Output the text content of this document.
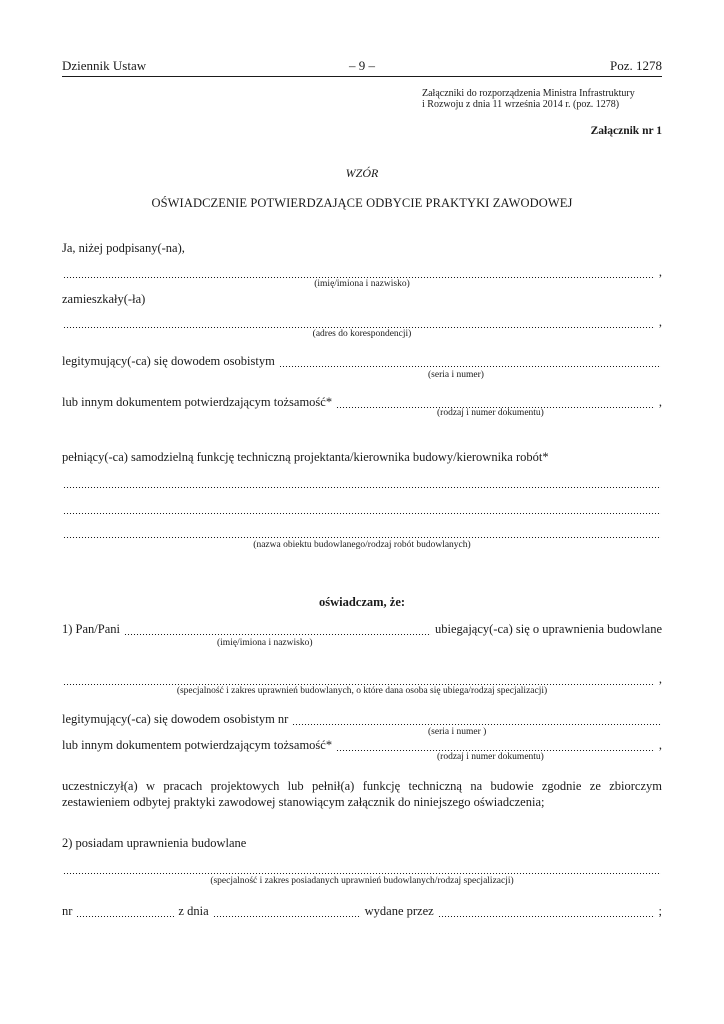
Dziennik Ustaw	– 9 –	Poz. 1278
Załączniki do rozporządzenia Ministra Infrastruktury
i Rozwoju z dnia 11 września 2014 r. (poz. 1278)
Załącznik nr 1
WZÓR
OŚWIADCZENIE POTWIERDZAJĄCE ODBYCIE PRAKTYKI ZAWODOWEJ
Ja, niżej podpisany(-na),
,
(imię/imiona i nazwisko)
zamieszkały(-ła)
,
(adres do korespondencji)
legitymujący(-ca) się dowodem osobistym
(seria i numer)
lub innym dokumentem potwierdzającym tożsamość*	,
(rodzaj i numer dokumentu)
pełniący(-ca) samodzielną funkcję techniczną projektanta/kierownika budowy/kierownika robót*
(nazwa obiektu budowlanego/rodzaj robót budowlanych)
oświadczam, że:
1) Pan/Pani	ubiegający(-ca) się o uprawnienia budowlane
(imię/imiona i nazwisko)
,
(specjalność i zakres uprawnień budowlanych, o które dana osoba się ubiega/rodzaj specjalizacji)
legitymujący(-ca) się dowodem osobistym nr
(seria i numer )
lub innym dokumentem potwierdzającym tożsamość*	,
(rodzaj i numer dokumentu)
uczestniczył(a) w pracach projektowych lub pełnił(a) funkcję techniczną na budowie zgodnie ze zbiorczym zestawieniem odbytej praktyki zawodowej stanowiącym załącznik do niniejszego oświadczenia;
2) posiadam uprawnienia budowlane
(specjalność i zakres posiadanych uprawnień budowlanych/rodzaj specjalizacji)
nr	z dnia	wydane przez	;
